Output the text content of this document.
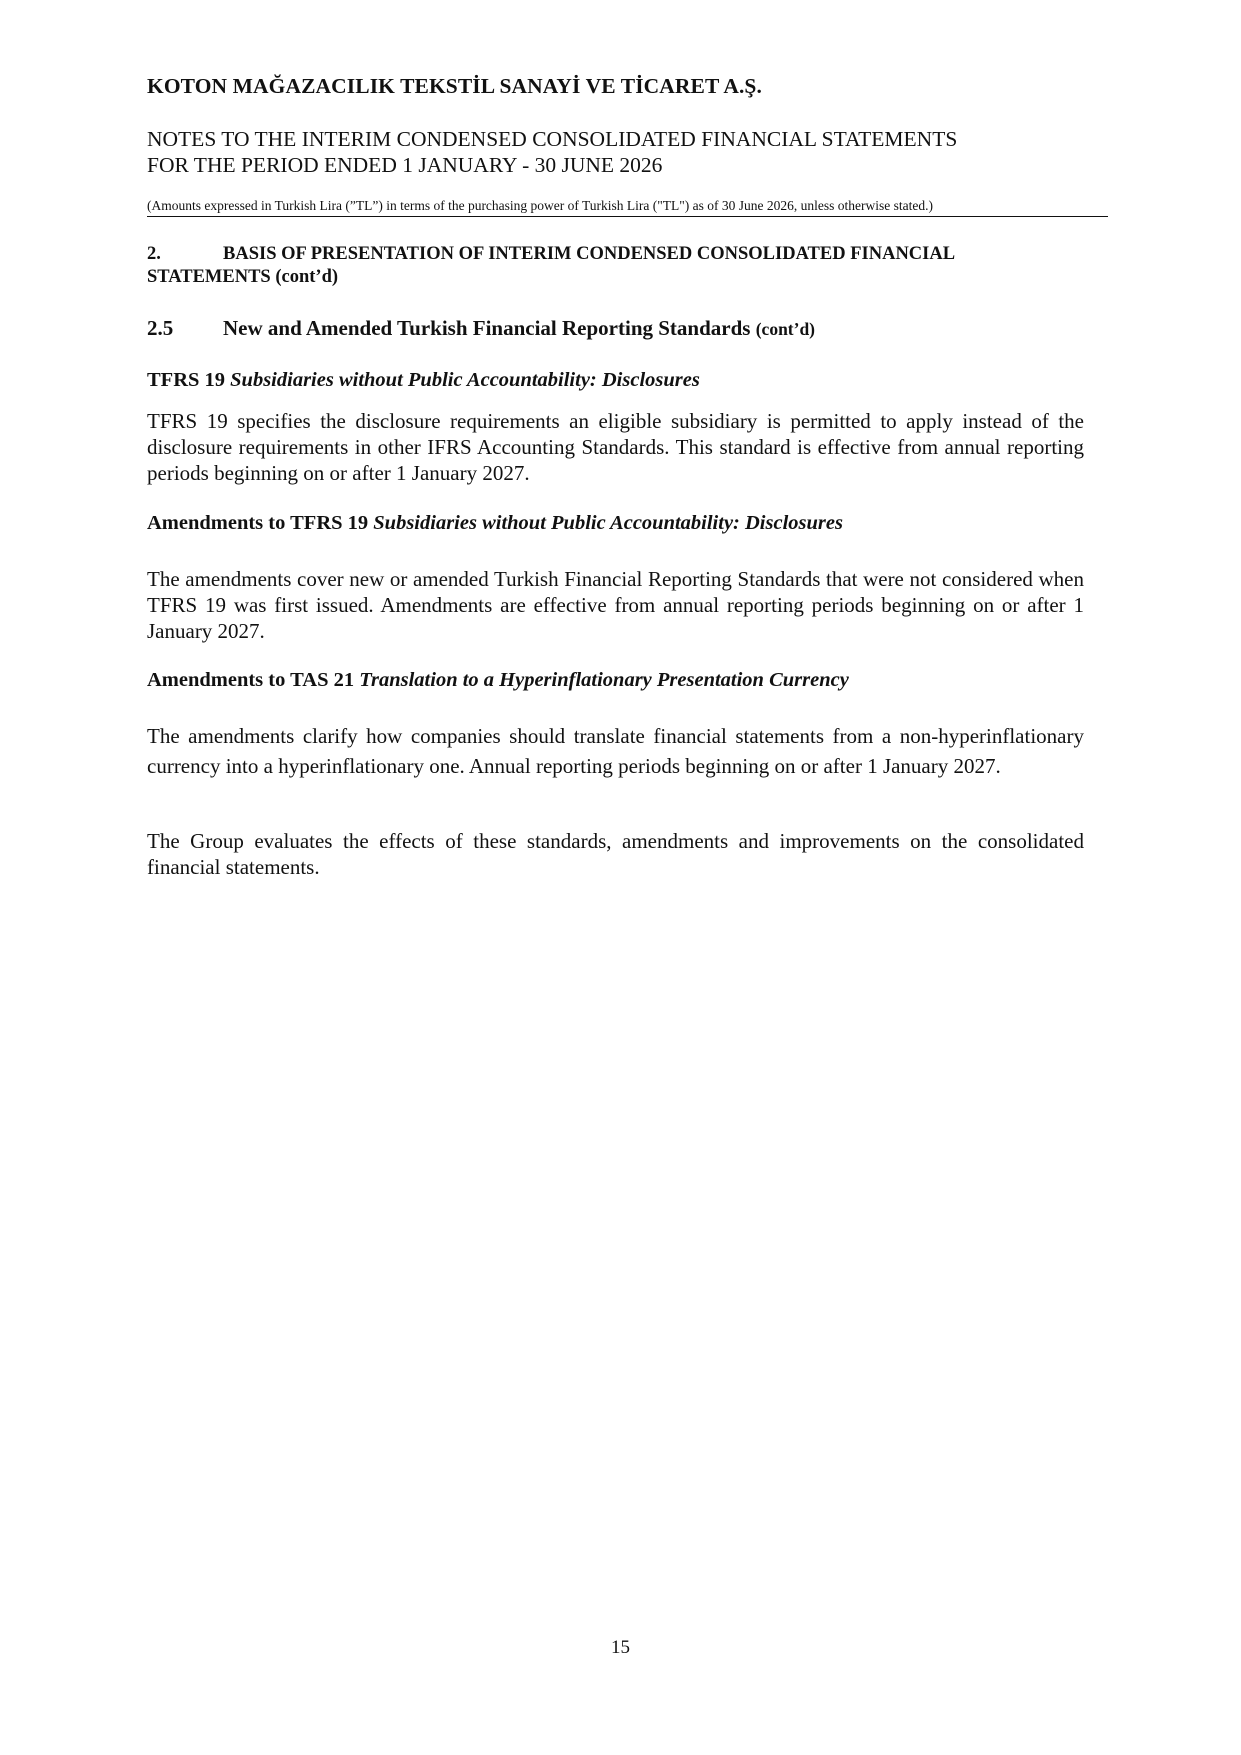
KOTON MAĞAZACILIK TEKSTİL SANAYİ VE TİCARET A.Ş.
NOTES TO THE INTERIM CONDENSED CONSOLIDATED FINANCIAL STATEMENTS
FOR THE PERIOD ENDED 1 JANUARY - 30 JUNE 2026
(Amounts expressed in Turkish Lira (”TL”) in terms of the purchasing power of Turkish Lira ("TL") as of 30 June 2026, unless otherwise stated.)
2.	BASIS OF PRESENTATION OF INTERIM CONDENSED CONSOLIDATED FINANCIAL
STATEMENTS (cont’d)
2.5 New and Amended Turkish Financial Reporting Standards (cont’d)
TFRS 19 Subsidiaries without Public Accountability: Disclosures
TFRS 19 specifies the disclosure requirements an eligible subsidiary is permitted to apply instead of the disclosure requirements in other IFRS Accounting Standards. This standard is effective from annual reporting periods beginning on or after 1 January 2027.
Amendments to TFRS 19 Subsidiaries without Public Accountability: Disclosures
The amendments cover new or amended Turkish Financial Reporting Standards that were not considered when TFRS 19 was first issued. Amendments are effective from annual reporting periods beginning on or after 1 January 2027.
Amendments to TAS 21 Translation to a Hyperinflationary Presentation Currency
The amendments clarify how companies should translate financial statements from a non-hyperinflationary currency into a hyperinflationary one. Annual reporting periods beginning on or after 1 January 2027.
The Group evaluates the effects of these standards, amendments and improvements on the consolidated financial statements.
15
